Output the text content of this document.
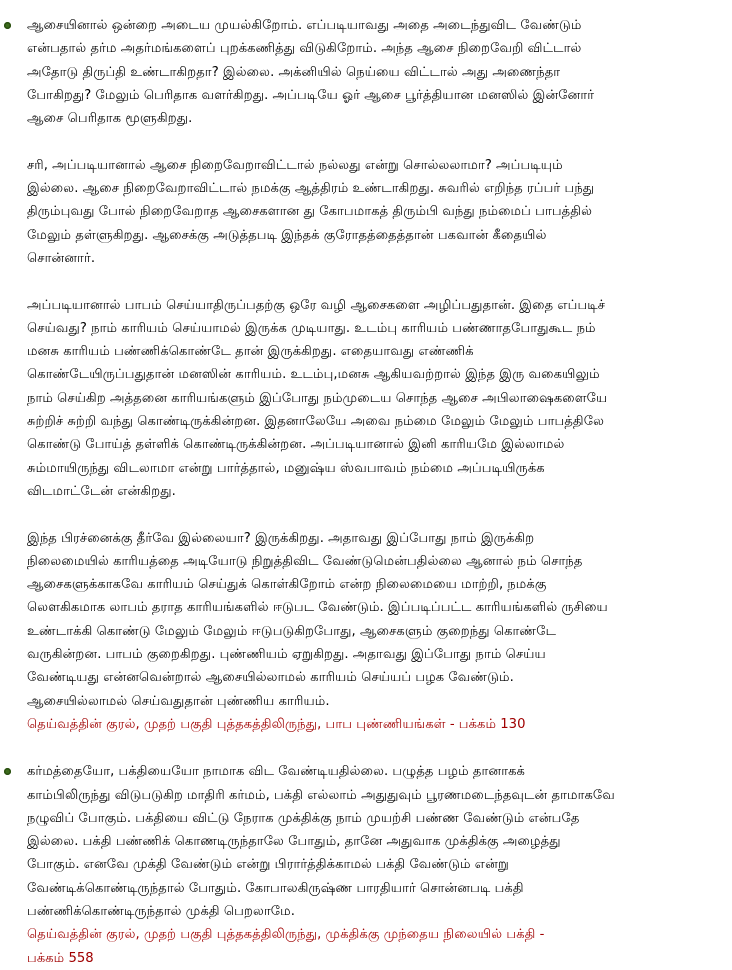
ஆசையினால் ஒன்றை அடைய முயல்கிறோம். எப்படியாவது அதை அடைந்துவிட வேண்டும்
என்பதால் தர்ம அதர்மங்களைப் புறக்கணித்து விடுகிறோம். அந்த ஆசை நிறைவேறி விட்டால்
அதோடு திருப்தி உண்டாகிறதா? இல்லை. அக்னியில் நெய்யை விட்டால் அது அணைந்தா
போகிறது? மேலும் பெரிதாக வளர்கிறது. அப்படியே ஓர் ஆசை பூர்த்தியான மனஸில் இன்னோர்
ஆசை பெரிதாக மூளுகிறது.
சரி, அப்படியானால் ஆசை நிறைவேறாவிட்டால் நல்லது என்று சொல்லலாமா? அப்படியும்
இல்லை. ஆசை நிறைவேறாவிட்டால் நமக்கு ஆத்திரம் உண்டாகிறது. சுவரில் எறிந்த ரப்பர் பந்து
திரும்புவது போல் நிறைவேறாத ஆசைகளான து கோபமாகத் திரும்பி வந்து நம்மைப் பாபத்தில்
மேலும் தள்ளுகிறது. ஆசைக்கு அடுத்தபடி இந்தக் குரோதத்தைத்தான் பகவான் கீதையில்
சொன்னார்.
அப்படியானால் பாபம் செய்யாதிருப்பதற்கு ஒரே வழி ஆசைகளை அழிப்பதுதான். இதை எப்படிச்
செய்வது? நாம் காரியம் செய்யாமல் இருக்க முடியாது. உடம்பு காரியம் பண்ணாதபோதுகூட நம்
மனசு காரியம் பண்ணிக்கொண்டே தான் இருக்கிறது. எதையாவது எண்ணிக்
கொண்டேயிருப்பதுதான் மனஸின் காரியம். உடம்பு,மனசு ஆகியவற்றால் இந்த இரு வகையிலும்
நாம் செய்கிற அத்தனை காரியங்களும் இப்போது நம்முடைய சொந்த ஆசை அபிலாஷைகளையே
சுற்றிச் சுற்றி வந்து கொண்டிருக்கின்றன. இதனாலேயே அவை நம்மை மேலும் மேலும் பாபத்திலே
கொண்டு போய்த் தள்ளிக் கொண்டிருக்கின்றன. அப்படியானால் இனி காரியமே இல்லாமல்
சும்மாயிருந்து விடலாமா என்று பார்த்தால், மனுஷ்ய ஸ்வபாவம் நம்மை அப்படியிருக்க
விடமாட்டேன் என்கிறது.
இந்த பிரச்னைக்கு தீர்வே இல்லையா? இருக்கிறது. அதாவது இப்போது நாம் இருக்கிற
நிலைமையில் காரியத்தை அடியோடு நிறுத்திவிட வேண்டுமென்பதில்லை ஆனால் நம் சொந்த
ஆசைகளுக்காகவே காரியம் செய்துக் கொள்கிறோம் என்ற நிலைமையை மாற்றி, நமக்கு
லௌகிகமாக லாபம் தராத காரியங்களில் ஈடுபட வேண்டும். இப்படிப்பட்ட காரியங்களில் ருசியை
உண்டாக்கி கொண்டு மேலும் மேலும் ஈடுபடுகிறபோது, ஆசைகளும் குறைந்து கொண்டே
வருகின்றன. பாபம் குறைகிறது. புண்ணியம் ஏறுகிறது. அதாவது இப்போது நாம் செய்ய
வேண்டியது என்னவென்றால் ஆசையில்லாமல் காரியம் செய்யப் பழக வேண்டும்.
ஆசையில்லாமல் செய்வதுதான் புண்ணிய காரியம்.
தெய்வத்தின் குரல், முதற் பகுதி புத்தகத்திலிருந்து, பாப புண்ணியங்கள் - பக்கம் 130
கர்மத்தையோ, பக்தியையோ நாமாக விட வேண்டியதில்லை. பழுத்த பழம் தானாகக்
காம்பிலிருந்து விடுபடுகிற மாதிரி கர்மம், பக்தி எல்லாம் அதுதுவும் பூரணமடைந்தவுடன் தாமாகவே
நழுவிப் போகும். பக்தியை விட்டு நேராக முக்திக்கு நாம் முயற்சி பண்ண வேண்டும் என்பதே
இல்லை. பக்தி பண்ணிக் கொணடிருந்தாலே போதும், தானே அதுவாக முக்திக்கு அழைத்து
போகும். எனவே முக்தி வேண்டும் என்று பிரார்த்திக்காமல் பக்தி வேண்டும் என்று
வேண்டிக்கொண்டிருந்தால் போதும். கோபாலகிருஷ்ண பாரதியார் சொன்னபடி பக்தி
பண்ணிக்கொண்டிருந்தால் முக்தி பெறலாமே.
தெய்வத்தின் குரல், முதற் பகுதி புத்தகத்திலிருந்து, முக்திக்கு முந்தைய நிலையில் பக்தி -
பக்கம் 558
